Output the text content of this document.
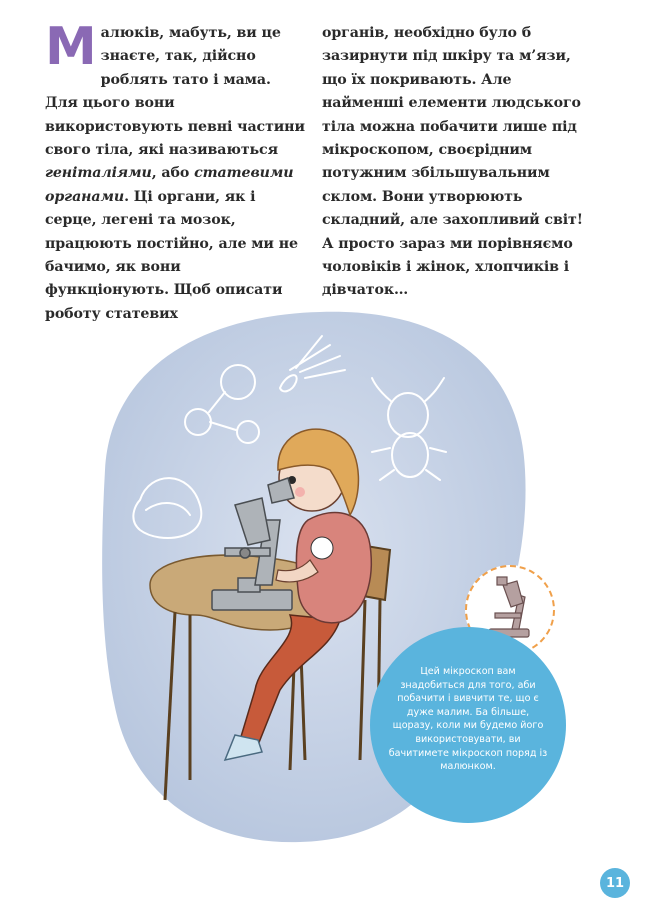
Малюків, мабуть, ви це знаєте, так, дійсно роблять тато і мама.

Для цього вони використовують певні частини свого тіла, які називаються геніталіями, або статевими органами. Ці органи, як і серце, легені та мозок, працюють постійно, але ми не бачимо, як вони функціонують. Щоб описати роботу статевих

органів, необхідно було б зазирнути під шкіру та м’язи, що їх покривають. Але найменші елементи людського тіла можна побачити лише під мікроскопом, своєрідним потужним збільшувальним склом. Вони утворюють складний, але захопливий світ! А просто зараз ми порівняємо чоловіків і жінок, хлопчиків і дівчаток…

Цей мікроскоп вам знадобиться для того, аби побачити і вивчити те, що є дуже малим. Ба більше, щоразу, коли ми будемо його використовувати, ви бачитимете мікроскоп поряд із малюнком.
11
